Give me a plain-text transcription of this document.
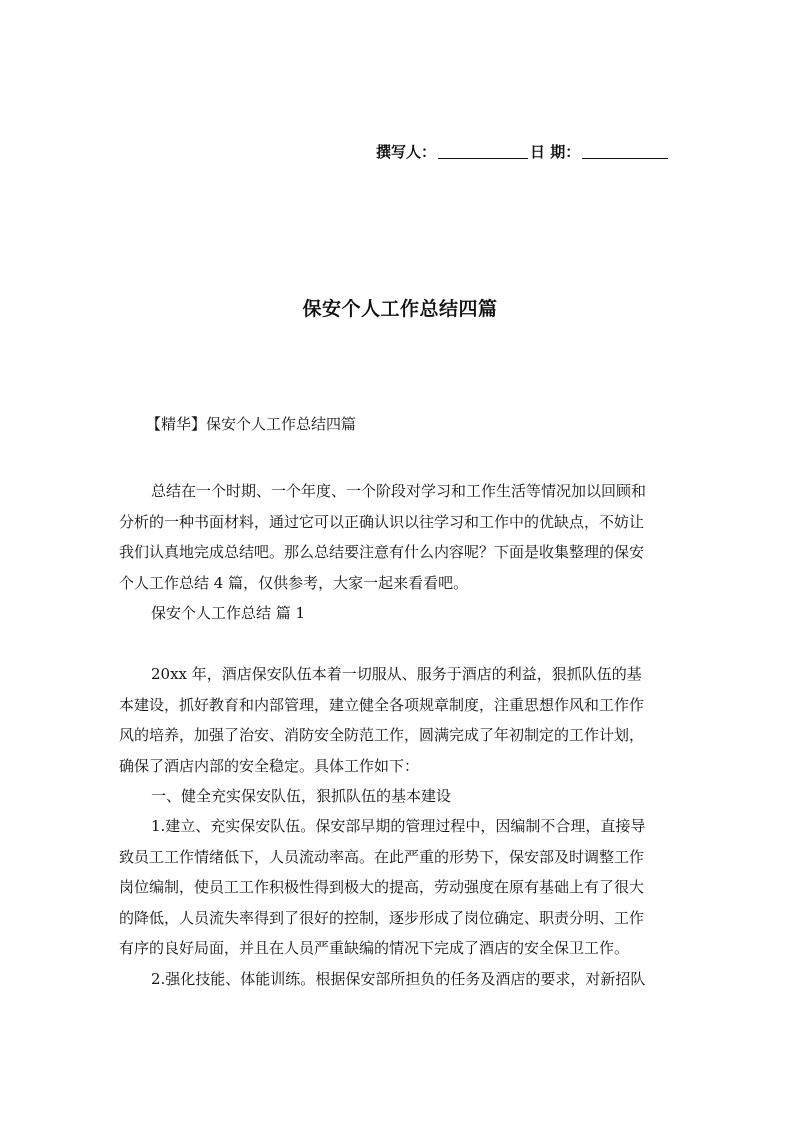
撰写人：	日 期：
保安个人工作总结四篇
【精华】保安个人工作总结四篇
总结在一个时期、一个年度、一个阶段对学习和工作生活等情况加以回顾和
分析的一种书面材料，通过它可以正确认识以往学习和工作中的优缺点，不妨让
我们认真地完成总结吧。那么总结要注意有什么内容呢？下面是收集整理的保安
个人工作总结 4 篇，仅供参考，大家一起来看看吧。
保安个人工作总结 篇 1
20xx 年，酒店保安队伍本着一切服从、服务于酒店的利益，狠抓队伍的基
本建设，抓好教育和内部管理，建立健全各项规章制度，注重思想作风和工作作
风的培养，加强了治安、消防安全防范工作，圆满完成了年初制定的工作计划，
确保了酒店内部的安全稳定。具体工作如下：
一、健全充实保安队伍，狠抓队伍的基本建设
1.建立、充实保安队伍。保安部早期的管理过程中，因编制不合理，直接导
致员工工作情绪低下，人员流动率高。在此严重的形势下，保安部及时调整工作
岗位编制，使员工工作积极性得到极大的提高，劳动强度在原有基础上有了很大
的降低，人员流失率得到了很好的控制，逐步形成了岗位确定、职责分明、工作
有序的良好局面，并且在人员严重缺编的情况下完成了酒店的安全保卫工作。
2.强化技能、体能训练。根据保安部所担负的任务及酒店的要求，对新招队
